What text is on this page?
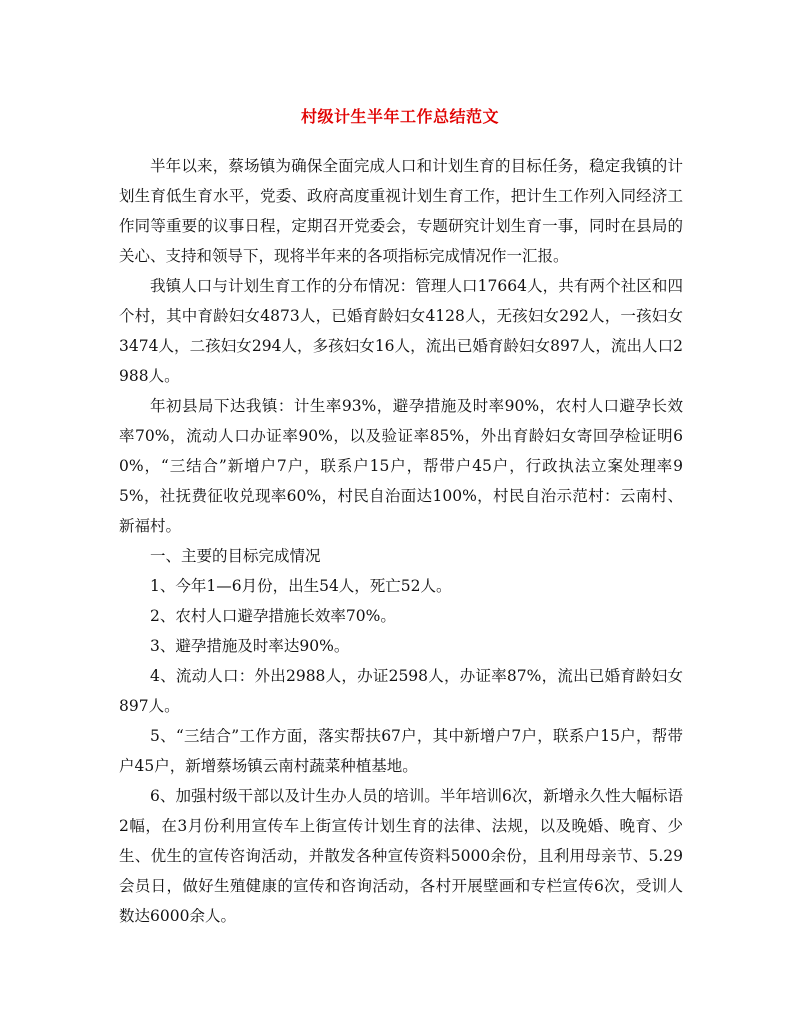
村级计生半年工作总结范文

半年以来，蔡场镇为确保全面完成人口和计划生育的目标任务，稳定我镇的计划生育低生育水平，党委、政府高度重视计划生育工作，把计生工作列入同经济工作同等重要的议事日程，定期召开党委会，专题研究计划生育一事，同时在县局的关心、支持和领导下，现将半年来的各项指标完成情况作一汇报。

我镇人口与计划生育工作的分布情况：管理人口17664人，共有两个社区和四个村，其中育龄妇女4873人，已婚育龄妇女4128人，无孩妇女292人，一孩妇女3474人，二孩妇女294人，多孩妇女16人，流出已婚育龄妇女897人，流出人口2988人。

年初县局下达我镇：计生率93%，避孕措施及时率90%，农村人口避孕长效率70%，流动人口办证率90%，以及验证率85%，外出育龄妇女寄回孕检证明60%，“三结合”新增户7户，联系户15户，帮带户45户，行政执法立案处理率95%，社抚费征收兑现率60%，村民自治面达100%，村民自治示范村：云南村、新福村。

一、主要的目标完成情况

1、今年1—6月份，出生54人，死亡52人。

2、农村人口避孕措施长效率70%。

3、避孕措施及时率达90%。

4、流动人口：外出2988人，办证2598人，办证率87%，流出已婚育龄妇女897人。

5、“三结合”工作方面，落实帮扶67户，其中新增户7户，联系户15户，帮带户45户，新增蔡场镇云南村蔬菜种植基地。

6、加强村级干部以及计生办人员的培训。半年培训6次，新增永久性大幅标语2幅，在3月份利用宣传车上街宣传计划生育的法律、法规，以及晚婚、晚育、少生、优生的宣传咨询活动，并散发各种宣传资料5000余份，且利用母亲节、5.29会员日，做好生殖健康的宣传和咨询活动，各村开展壁画和专栏宣传6次，受训人数达6000余人。
